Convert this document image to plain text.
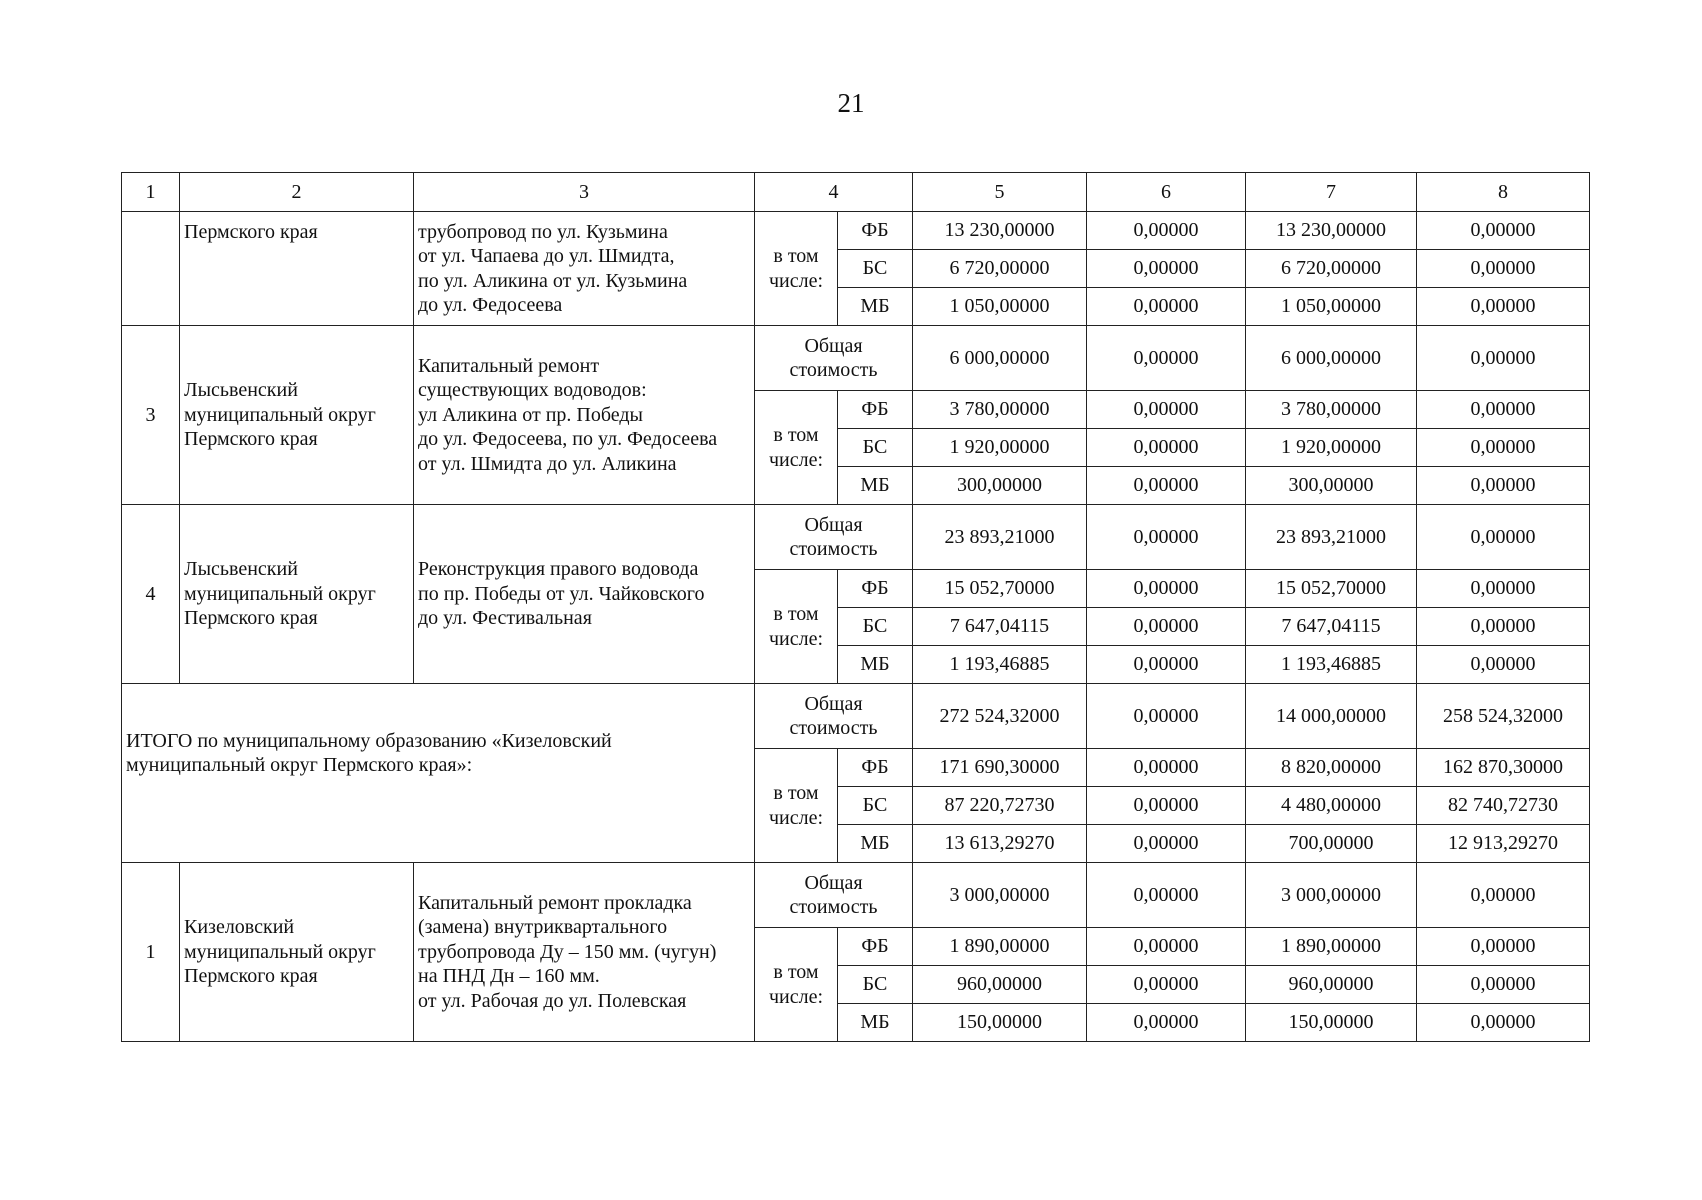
21
1	2	3	4		5	6	7	8
	Пермского края	трубопровод по ул. Кузьмина
от ул. Чапаева до ул. Шмидта,
по ул. Аликина от ул. Кузьмина
до ул. Федосеева	в том
числе:	ФБ	13 230,00000	0,00000	13 230,00000	0,00000
				БС	6 720,00000	0,00000	6 720,00000	0,00000
				МБ	1 050,00000	0,00000	1 050,00000	0,00000
3	Лысьвенский
муниципальный округ
Пермского края	Капитальный ремонт
существующих водоводов:
ул Аликина от пр. Победы
до ул. Федосеева, по ул. Федосеева
от ул. Шмидта до ул. Аликина	Общая
стоимость		6 000,00000	0,00000	6 000,00000	0,00000
			в том
числе:	ФБ	3 780,00000	0,00000	3 780,00000	0,00000
				БС	1 920,00000	0,00000	1 920,00000	0,00000
				МБ	300,00000	0,00000	300,00000	0,00000
4	Лысьвенский
муниципальный округ
Пермского края	Реконструкция правого водовода
по пр. Победы от ул. Чайковского
до ул. Фестивальная	Общая
стоимость		23 893,21000	0,00000	23 893,21000	0,00000
			в том
числе:	ФБ	15 052,70000	0,00000	15 052,70000	0,00000
				БС	7 647,04115	0,00000	7 647,04115	0,00000
				МБ	1 193,46885	0,00000	1 193,46885	0,00000
ИТОГО по муниципальному образованию «Кизеловский
муниципальный округ Пермского края»:			Общая
стоимость		272 524,32000	0,00000	14 000,00000	258 524,32000
			в том
числе:	ФБ	171 690,30000	0,00000	8 820,00000	162 870,30000
				БС	87 220,72730	0,00000	4 480,00000	82 740,72730
				МБ	13 613,29270	0,00000	700,00000	12 913,29270
1	Кизеловский
муниципальный округ
Пермского края	Капитальный ремонт прокладка
(замена) внутриквартального
трубопровода Ду – 150 мм. (чугун)
на ПНД Дн – 160 мм.
от ул. Рабочая до ул. Полевская	Общая
стоимость		3 000,00000	0,00000	3 000,00000	0,00000
			в том
числе:	ФБ	1 890,00000	0,00000	1 890,00000	0,00000
				БС	960,00000	0,00000	960,00000	0,00000
				МБ	150,00000	0,00000	150,00000	0,00000
